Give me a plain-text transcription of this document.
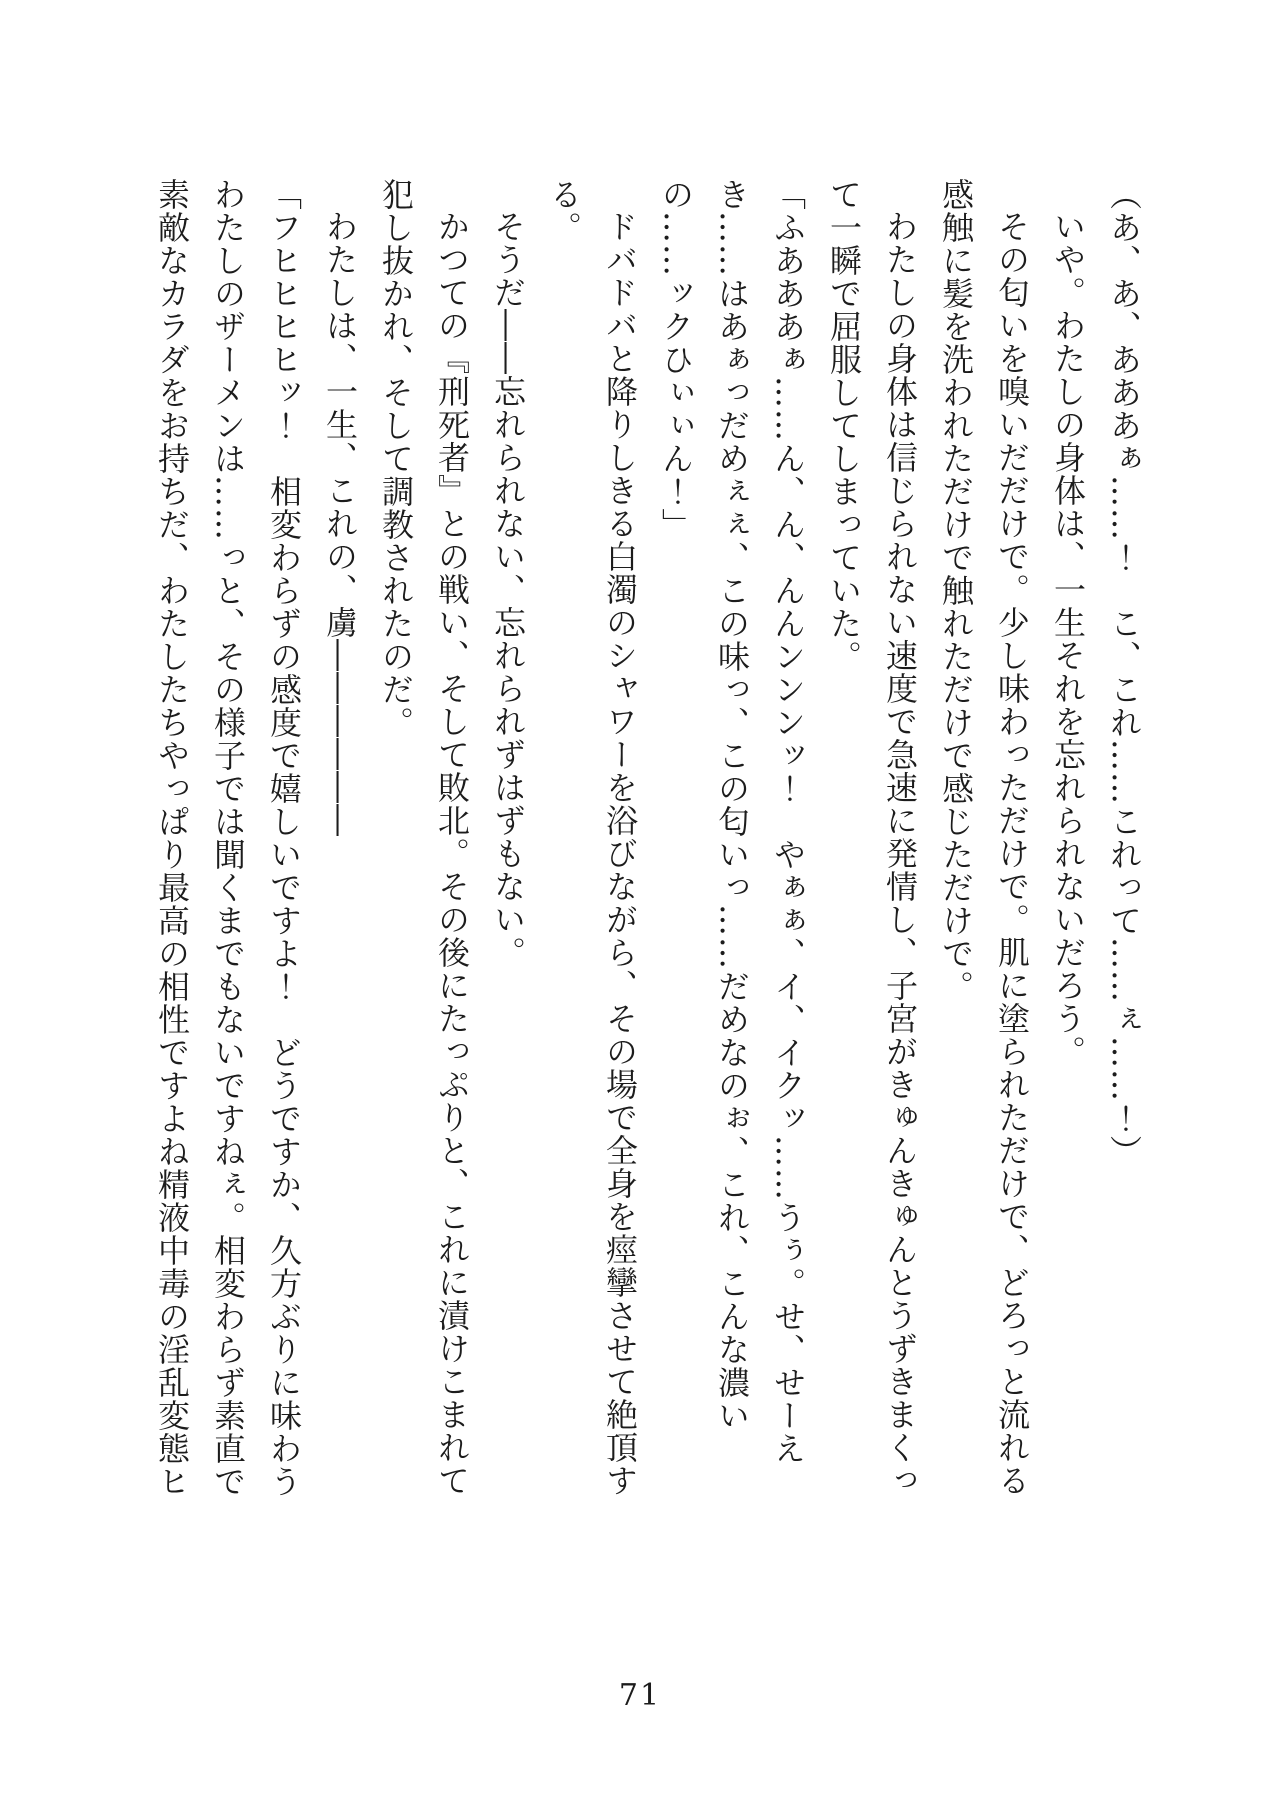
（あ、あ、あああぁ……！　こ、これ……これって……ぇ……！）

いや。わたしの身体は、一生それを忘れられないだろう。

その匂いを嗅いだだけで。少し味わっただけで。肌に塗られただけで、どろっと流れる感触に髪を洗われただけで触れただけで感じただけで。

わたしの身体は信じられない速度で急速に発情し、子宮がきゅんきゅんとうずきまくって一瞬で屈服してしまっていた。

「ふあああぁ……ん、ん、んんンンンッ！　やぁぁ、イ、イクッ……うぅ。せ、せーえき……はあぁっだめぇぇ、この味っ、この匂いっ……だめなのぉ、これ、こんな濃いの……ックひぃぃん！」

ドバドバと降りしきる白濁のシャワーを浴びながら、その場で全身を痙攣させて絶頂する。

そうだ――忘れられない、忘れられずはずもない。

かつての『刑死者』との戦い、そして敗北。その後にたっぷりと、これに漬けこまれて犯し抜かれ、そして調教されたのだ。

わたしは、一生、これの、虜――――――

「フヒヒヒヒッ！　相変わらずの感度で嬉しいですよ！　どうですか、久方ぶりに味わうわたしのザーメンは……っと、その様子では聞くまでもないですねぇ。相変わらず素直で素敵なカラダをお持ちだ、わたしたちやっぱり最高の相性ですよね精液中毒の淫乱変態ヒ

71
